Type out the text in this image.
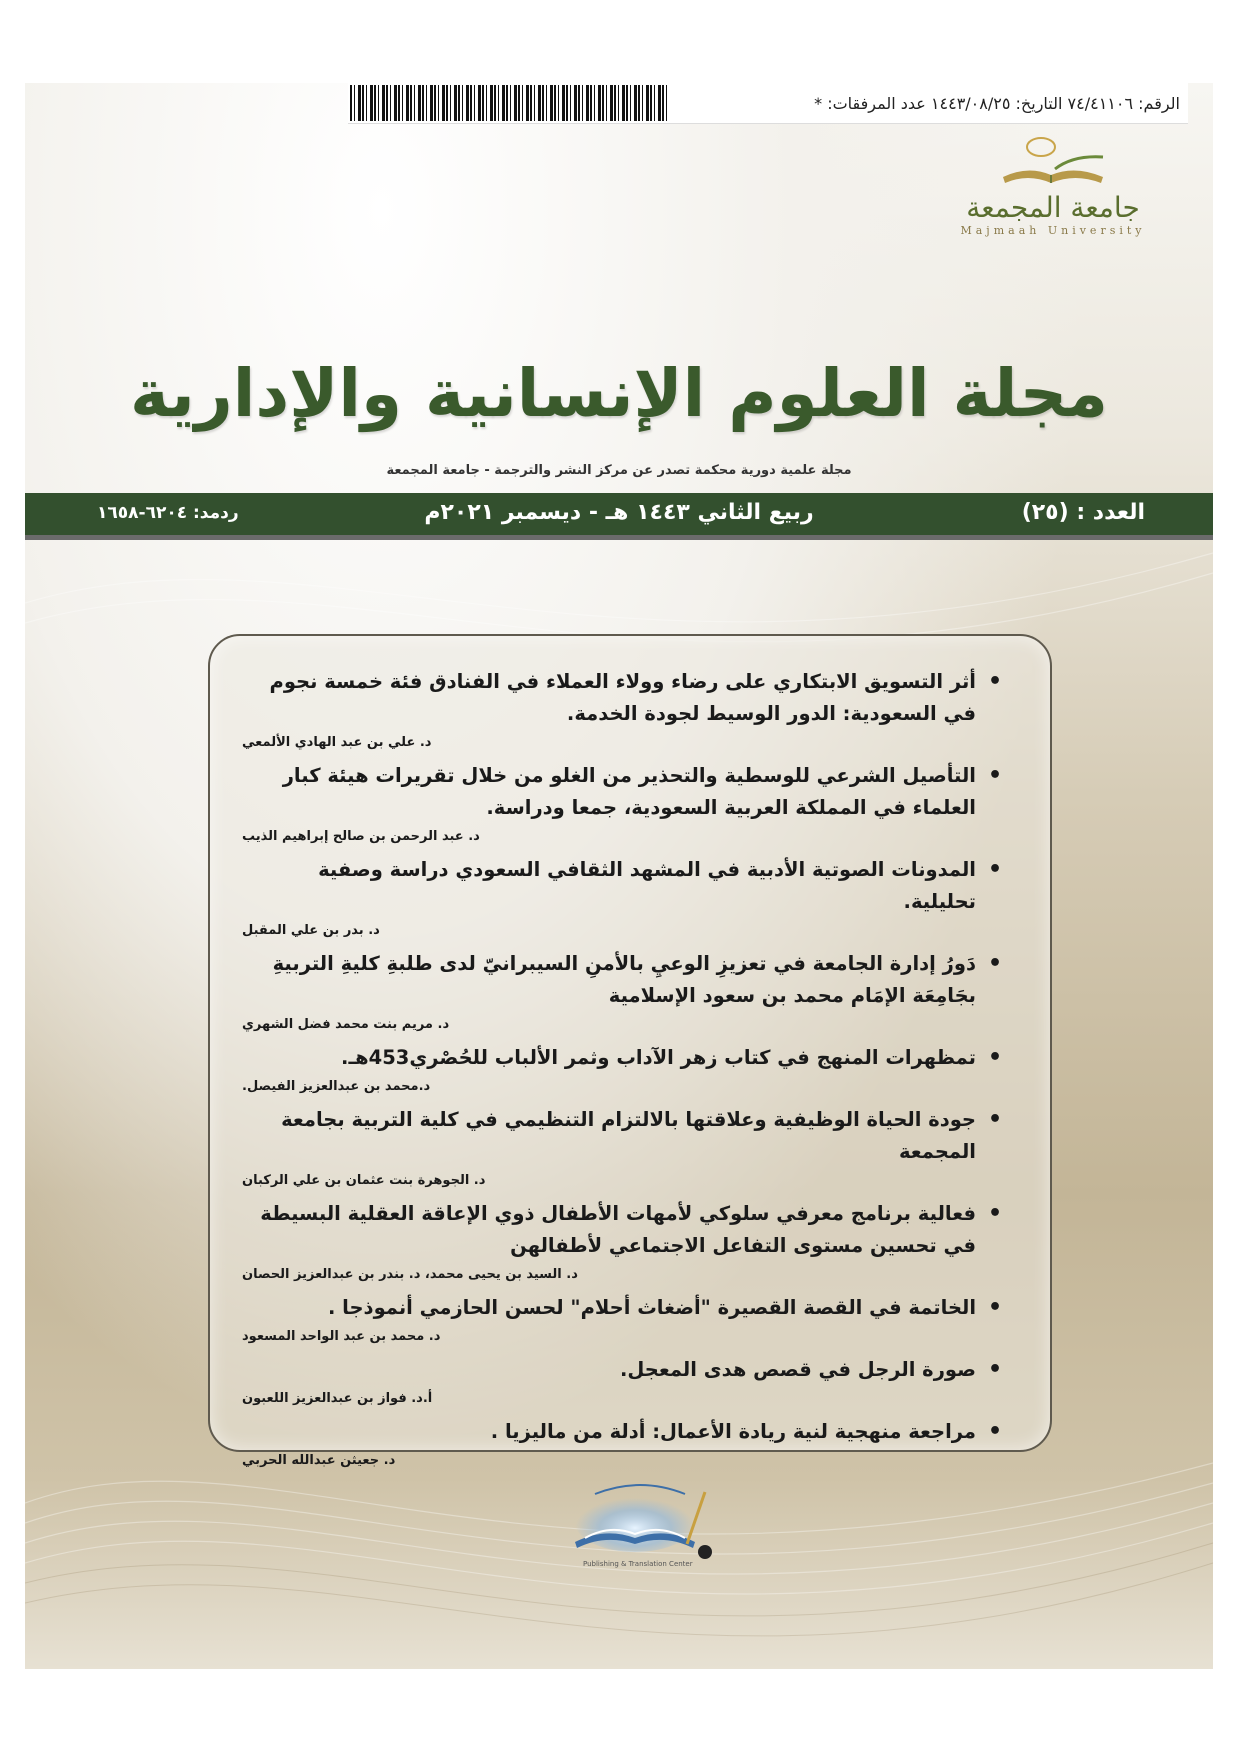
الرقم: ٧٤/٤١١٠٦ التاريخ: ١٤٤٣/٠٨/٢٥ عدد المرفقات: *
جامعة المجمعة
Majmaah University
مجلة العلوم الإنسانية والإدارية
مجلة علمية دورية محكمة تصدر عن مركز النشر والترجمة - جامعة المجمعة
العدد : (٢٥)
ربيع الثاني ١٤٤٣ هـ - ديسمبر ٢٠٢١م
ردمد: ٦٢٠٤-١٦٥٨
• أثر التسويق الابتكاري على رضاء وولاء العملاء في الفنادق فئة خمسة نجوم في السعودية: الدور الوسيط لجودة الخدمة.
د. علي بن عبد الهادي الألمعي
• التأصيل الشرعي للوسطية والتحذير من الغلو من خلال تقريرات هيئة كبار العلماء في المملكة العربية السعودية، جمعا ودراسة.
د. عبد الرحمن بن صالح إبراهيم الذيب
• المدونات الصوتية الأدبية في المشهد الثقافي السعودي دراسة وصفية تحليلية.
د. بدر بن علي المقبل
• دَورُ إدارة الجامعة في تعزيزِ الوعيِ بالأمنِ السيبرانيّ لدى طلبةِ كليةِ التربيةِ بجَامِعَة الإمَام محمد بن سعود الإسلامية
د. مريم بنت محمد فضل الشهري
• تمظهرات المنهج في كتاب زهر الآداب وثمر الألباب للحُصْري453هـ.
د.محمد بن عبدالعزيز الفيصل.
• جودة الحياة الوظيفية وعلاقتها بالالتزام التنظيمي في كلية التربية بجامعة المجمعة
د. الجوهرة بنت عثمان بن علي الركبان
• فعالية برنامج معرفي سلوكي لأمهات الأطفال ذوي الإعاقة العقلية البسيطة في تحسين مستوى التفاعل الاجتماعي لأطفالهن
د. السيد بن يحيى محمد، د. بندر بن عبدالعزيز الحصان
• الخاتمة في القصة القصيرة "أضغاث أحلام" لحسن الحازمي أنموذجا .
د. محمد بن عبد الواحد المسعود
• صورة الرجل في قصص هدى المعجل.
أ.د. فواز بن عبدالعزيز اللعبون
• مراجعة منهجية لنية ريادة الأعمال: أدلة من ماليزيا .
د. جعيثن عبدالله الحربي
Publishing & Translation Center
